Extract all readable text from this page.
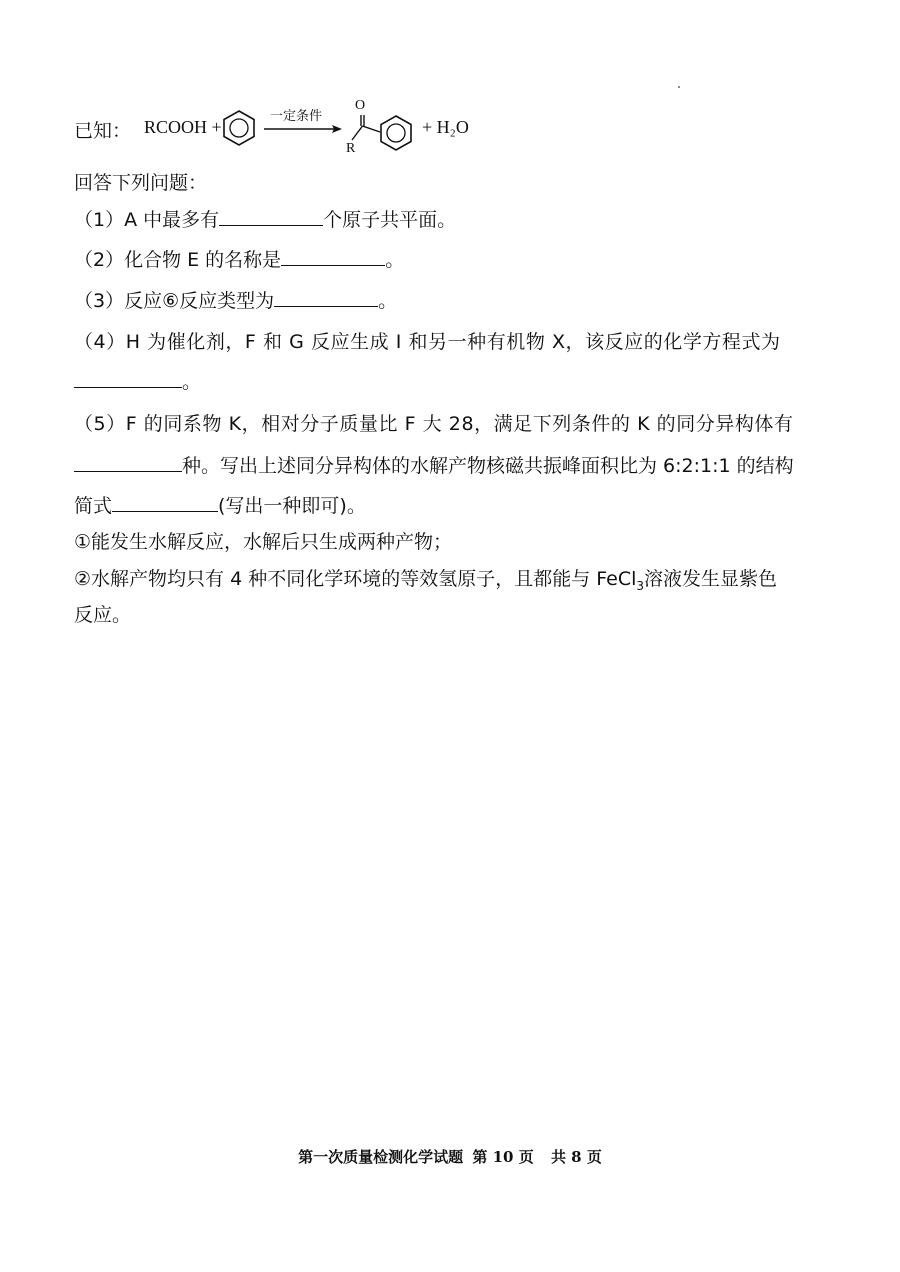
已知： RCOOH +
一定条件
O
R
+ H₂O
回答下列问题：
（1）A 中最多有	个原子共平面。
（2）化合物 E 的名称是	。
（3）反应⑥反应类型为	。
（4）H 为催化剂，F 和 G 反应生成 I 和另一种有机物 X，该反应的化学方程式为
。
（5）F 的同系物 K，相对分子质量比 F 大 28，满足下列条件的 K 的同分异构体有
种。写出上述同分异构体的水解产物核磁共振峰面积比为 6:2:1:1 的结构
简式	(写出一种即可)。
①能发生水解反应，水解后只生成两种产物；
②水解产物均只有 4 种不同化学环境的等效氢原子，且都能与 FeCl$_3$溶液发生显紫色
反应。
第一次质量检测化学试题 第 10 页 共 8 页
